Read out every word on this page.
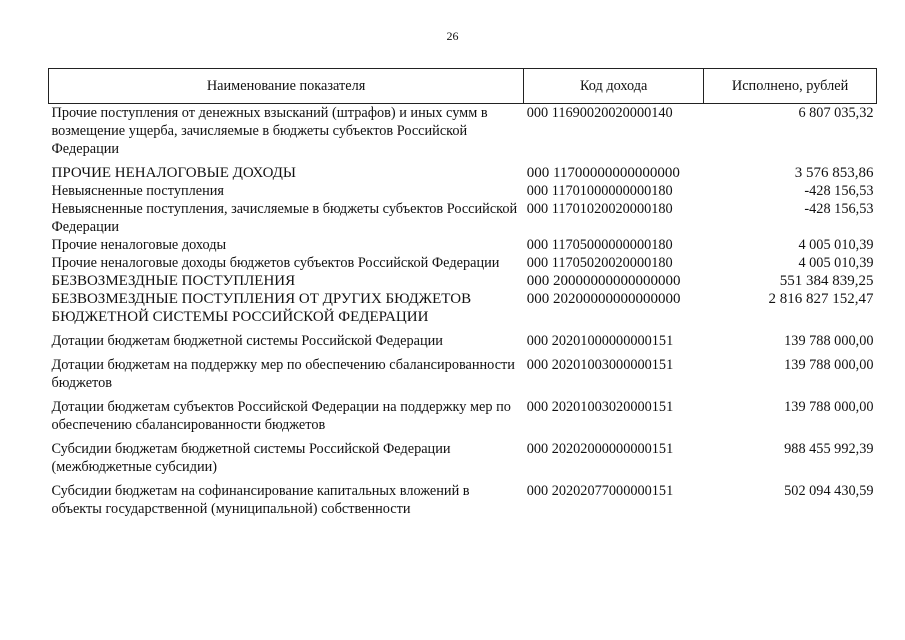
26
Наименование показателя	Код дохода	Исполнено, рублей
Прочие поступления от денежных взысканий (штрафов) и иных сумм в возмещение ущерба, зачисляемые в бюджеты субъектов Российской Федерации	000 11690020020000140	6 807 035,32
ПРОЧИЕ НЕНАЛОГОВЫЕ ДОХОДЫ	000 11700000000000000	3 576 853,86
Невыясненные поступления	000 11701000000000180	-428 156,53
Невыясненные поступления, зачисляемые в бюджеты субъектов Российской Федерации	000 11701020020000180	-428 156,53
Прочие неналоговые доходы	000 11705000000000180	4 005 010,39
Прочие неналоговые доходы бюджетов субъектов Российской Федерации	000 11705020020000180	4 005 010,39
БЕЗВОЗМЕЗДНЫЕ ПОСТУПЛЕНИЯ	000 20000000000000000	551 384 839,25
БЕЗВОЗМЕЗДНЫЕ ПОСТУПЛЕНИЯ ОТ ДРУГИХ БЮДЖЕТОВ БЮДЖЕТНОЙ СИСТЕМЫ РОССИЙСКОЙ ФЕДЕРАЦИИ	000 20200000000000000	2 816 827 152,47
Дотации бюджетам бюджетной системы Российской Федерации	000 20201000000000151	139 788 000,00
Дотации бюджетам на поддержку мер по обеспечению сбалансированности бюджетов	000 20201003000000151	139 788 000,00
Дотации бюджетам субъектов Российской Федерации на поддержку мер по обеспечению сбалансированности бюджетов	000 20201003020000151	139 788 000,00
Субсидии бюджетам бюджетной системы Российской Федерации (межбюджетные субсидии)	000 20202000000000151	988 455 992,39
Субсидии бюджетам на софинансирование капитальных вложений в объекты государственной (муниципальной) собственности	000 20202077000000151	502 094 430,59
